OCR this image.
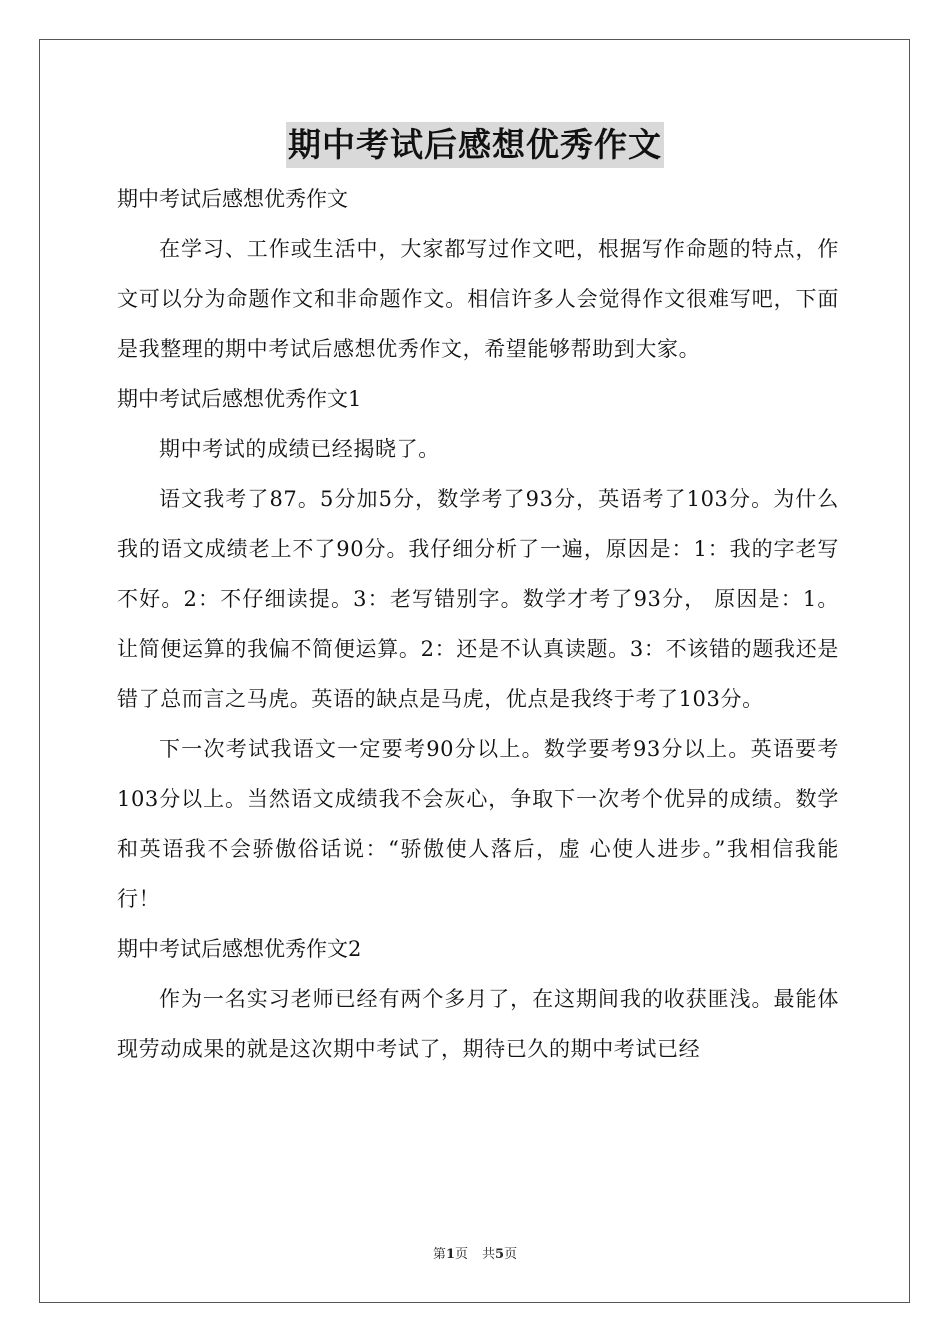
期中考试后感想优秀作文

期中考试后感想优秀作文

在学习、工作或生活中，大家都写过作文吧，根据写作命题的特点，作文可以分为命题作文和非命题作文。相信许多人会觉得作文很难写吧，下面是我整理的期中考试后感想优秀作文，希望能够帮助到大家。

期中考试后感想优秀作文1

期中考试的成绩已经揭晓了。

语文我考了87。5分加5分，数学考了93分，英语考了103分。为什么我的语文成绩老上不了90分。我仔细分析了一遍，原因是：1：我的字老写不好。2：不仔细读提。3：老写错别字。数学才考了93分， 原因是：1。让简便运算的我偏不简便运算。2：还是不认真读题。3：不该错的题我还是错了总而言之马虎。英语的缺点是马虎，优点是我终于考了103分。

下一次考试我语文一定要考90分以上。数学要考93分以上。英语要考103分以上。当然语文成绩我不会灰心，争取下一次考个优异的成绩。数学和英语我不会骄傲俗话说：“骄傲使人落后，虚 心使人进步。”我相信我能行！

期中考试后感想优秀作文2

作为一名实习老师已经有两个多月了，在这期间我的收获匪浅。最能体现劳动成果的就是这次期中考试了，期待已久的期中考试已经

第1页 共5页
